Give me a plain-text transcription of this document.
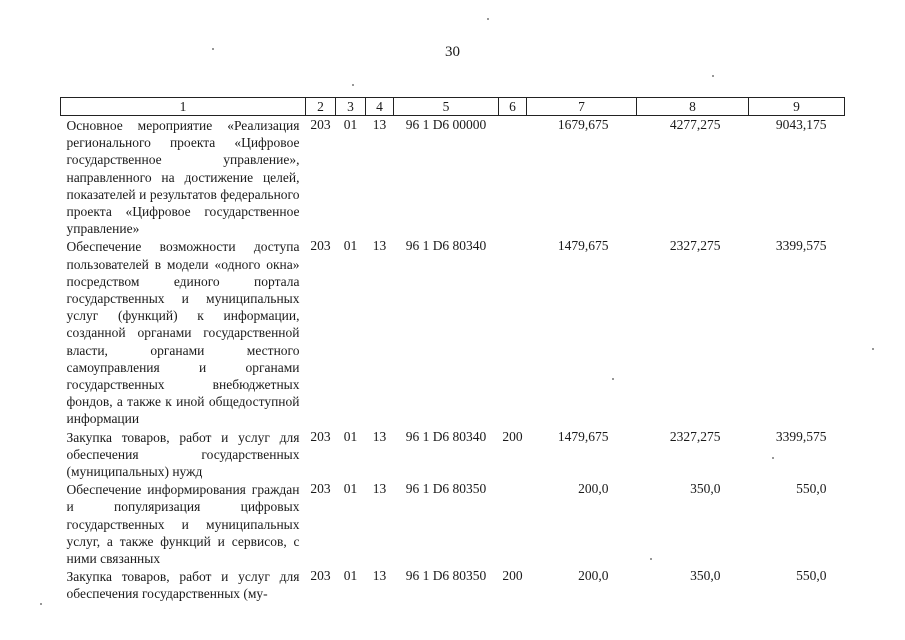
30
1	2	3	4	5	6	7	8	9
Основное мероприятие «Реализация регионального проекта «Цифровое государственное управление», направленного на достижение целей, показателей и результатов федерального проекта «Цифровое государственное управление»	203	01	13	96 1 D6 00000		1679,675	4277,275	9043,175
Обеспечение возможности доступа пользователей в модели «одного окна» посредством единого портала государственных и муниципальных услуг (функций) к информации, созданной органами государственной власти, органами местного самоуправления и органами государственных внебюджетных фондов, а также к иной общедоступной информации	203	01	13	96 1 D6 80340		1479,675	2327,275	3399,575
Закупка товаров, работ и услуг для обеспечения государственных (муниципальных) нужд	203	01	13	96 1 D6 80340	200	1479,675	2327,275	3399,575
Обеспечение информирования граждан и популяризация цифровых государственных и муниципальных услуг, а также функций и сервисов, с ними связанных	203	01	13	96 1 D6 80350		200,0	350,0	550,0
Закупка товаров, работ и услуг для обеспечения государственных (му-	203	01	13	96 1 D6 80350	200	200,0	350,0	550,0
